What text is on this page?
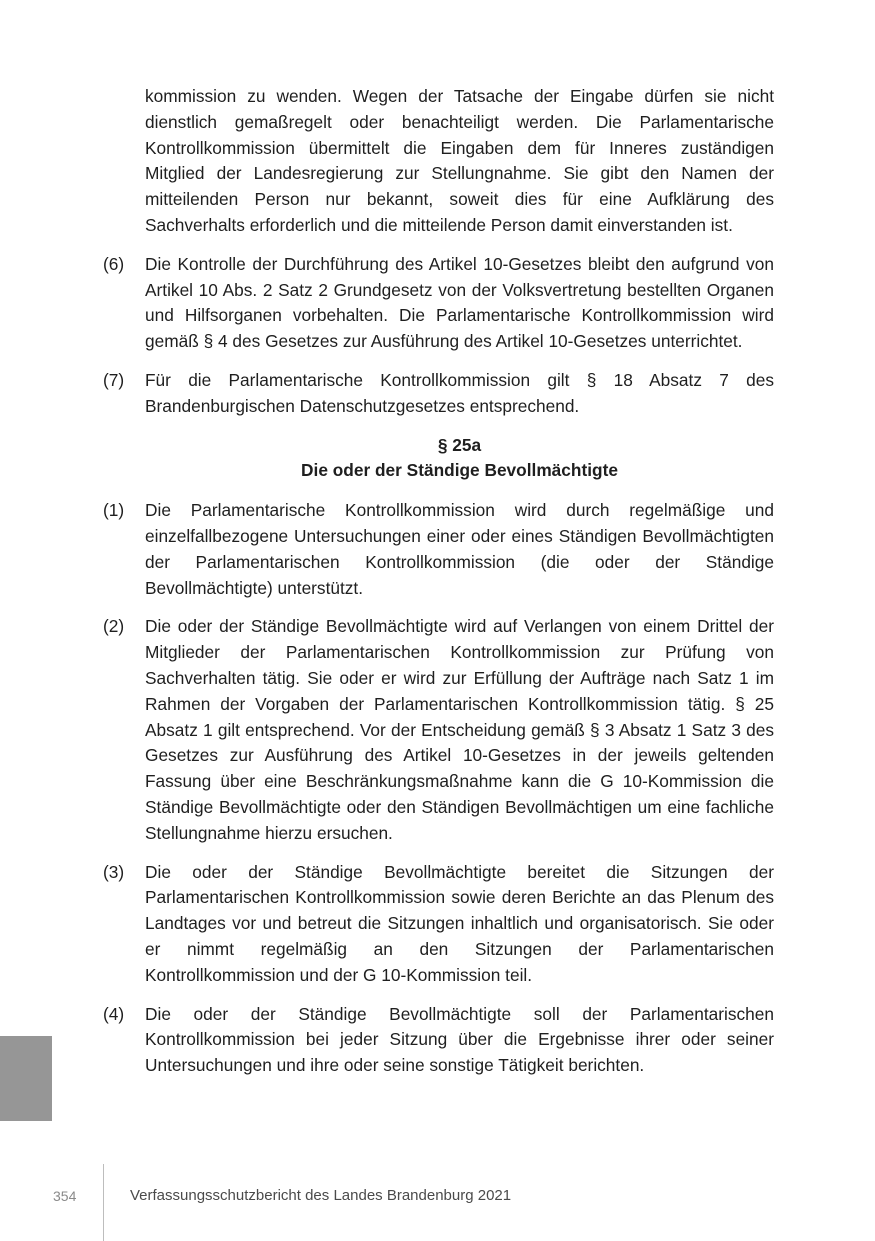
kommission zu wenden. Wegen der Tatsache der Eingabe dürfen sie nicht dienstlich gemaßregelt oder benachteiligt werden. Die Parlamentarische Kontrollkommission übermittelt die Eingaben dem für Inneres zuständigen Mitglied der Landesregierung zur Stellungnahme. Sie gibt den Namen der mitteilenden Person nur bekannt, soweit dies für eine Aufklärung des Sachverhalts erforderlich und die mitteilende Person damit einverstanden ist.
(6) Die Kontrolle der Durchführung des Artikel 10-Gesetzes bleibt den aufgrund von Artikel 10 Abs. 2 Satz 2 Grundgesetz von der Volksvertretung bestellten Organen und Hilfsorganen vorbehalten. Die Parlamentarische Kontrollkommission wird gemäß § 4 des Gesetzes zur Ausführung des Artikel 10-Gesetzes unterrichtet.
(7) Für die Parlamentarische Kontrollkommission gilt § 18 Absatz 7 des Brandenburgischen Datenschutzgesetzes entsprechend.
§ 25a
Die oder der Ständige Bevollmächtigte
(1) Die Parlamentarische Kontrollkommission wird durch regelmäßige und einzelfallbezogene Untersuchungen einer oder eines Ständigen Bevollmächtigten der Parlamentarischen Kontrollkommission (die oder der Ständige Bevollmächtigte) unterstützt.
(2) Die oder der Ständige Bevollmächtigte wird auf Verlangen von einem Drittel der Mitglieder der Parlamentarischen Kontrollkommission zur Prüfung von Sachverhalten tätig. Sie oder er wird zur Erfüllung der Aufträge nach Satz 1 im Rahmen der Vorgaben der Parlamentarischen Kontrollkommission tätig. § 25 Absatz 1 gilt entsprechend. Vor der Entscheidung gemäß § 3 Absatz 1 Satz 3 des Gesetzes zur Ausführung des Artikel 10-Gesetzes in der jeweils geltenden Fassung über eine Beschränkungsmaßnahme kann die G 10-Kommission die Ständige Bevollmächtigte oder den Ständigen Bevollmächtigen um eine fachliche Stellungnahme hierzu ersuchen.
(3) Die oder der Ständige Bevollmächtigte bereitet die Sitzungen der Parlamentarischen Kontrollkommission sowie deren Berichte an das Plenum des Landtages vor und betreut die Sitzungen inhaltlich und organisatorisch. Sie oder er nimmt regelmäßig an den Sitzungen der Parlamentarischen Kontrollkommission und der G 10-Kommission teil.
(4) Die oder der Ständige Bevollmächtigte soll der Parlamentarischen Kontrollkommission bei jeder Sitzung über die Ergebnisse ihrer oder seiner Untersuchungen und ihre oder seine sonstige Tätigkeit berichten.
354	Verfassungsschutzbericht des Landes Brandenburg 2021
